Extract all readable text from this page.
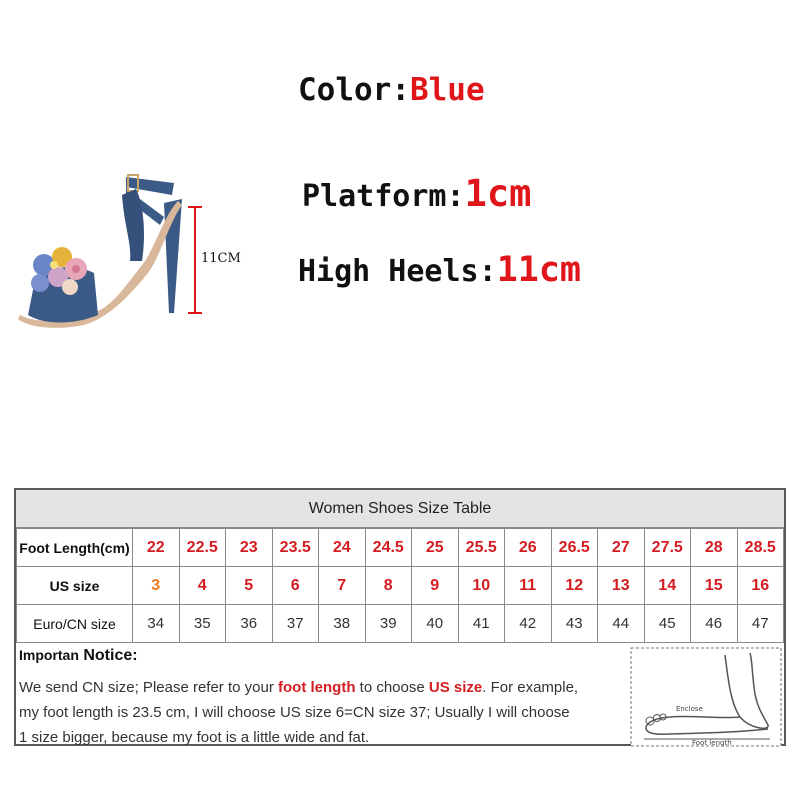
Color:Blue
Platform:1cm
High Heels:11cm
11CM
Women Shoes Size Table
Foot Length(cm)	22	22.5	23	23.5	24	24.5	25	25.5	26	26.5	27	27.5	28	28.5
US size	3	4	5	6	7	8	9	10	11	12	13	14	15	16
Euro/CN size	34	35	36	37	38	39	40	41	42	43	44	45	46	47
Importan Notice:
We send CN size; Please refer to your foot length to choose US size. For example,
my foot length is 23.5 cm, I will choose US size 6=CN size 37; Usually I will choose
1 size bigger, because my foot is a little wide and fat.
Enclose
Foot length
